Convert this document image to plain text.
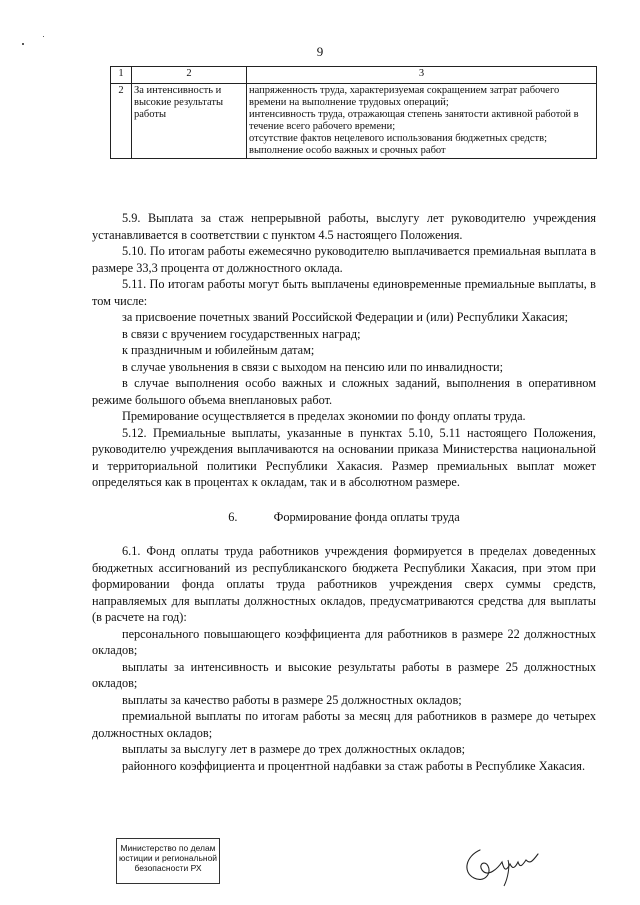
9
1	2	3
2	За интенсивность и высокие результаты работы	напряженность труда, характеризуемая сокращением затрат рабочего времени на выполнение трудовых операций;

интенсивность труда, отражающая степень занятости активной работой в течение всего рабочего времени;

отсутствие фактов нецелевого использования бюджетных средств;

выполнение особо важных и срочных работ

5.9. Выплата за стаж непрерывной работы, выслугу лет руководителю учреждения устанавливается в соответствии с пунктом 4.5 настоящего Положения.

5.10. По итогам работы ежемесячно руководителю выплачивается премиальная выплата в размере 33,3 процента от должностного оклада.

5.11. По итогам работы могут быть выплачены единовременные премиальные выплаты, в том числе:

за присвоение почетных званий Российской Федерации и (или) Республики Хакасия;

в связи с вручением государственных наград;

к праздничным и юбилейным датам;

в случае увольнения в связи с выходом на пенсию или по инвалидности;

в случае выполнения особо важных и сложных заданий, выполнения в оперативном режиме большого объема внеплановых работ.

Премирование осуществляется в пределах экономии по фонду оплаты труда.

5.12. Премиальные выплаты, указанные в пунктах 5.10, 5.11 настоящего Положения, руководителю учреждения выплачиваются на основании приказа Министерства национальной и территориальной политики Республики Хакасия. Размер премиальных выплат может определяться как в процентах к окладам, так и в абсолютном размере.

6.	Формирование фонда оплаты труда

6.1. Фонд оплаты труда работников учреждения формируется в пределах доведенных бюджетных ассигнований из республиканского бюджета Республики Хакасия, при этом при формировании фонда оплаты труда работников учреждения сверх суммы средств, направляемых для выплаты должностных окладов, предусматриваются средства для выплаты (в расчете на год):

персонального повышающего коэффициента для работников в размере 22 должностных окладов;

выплаты за интенсивность и высокие результаты работы в размере 25 должностных окладов;

выплаты за качество работы в размере 25 должностных окладов;

премиальной выплаты по итогам работы за месяц для работников в размере до четырех должностных окладов;

выплаты за выслугу лет в размере до трех должностных окладов;

районного коэффициента и процентной надбавки за стаж работы в Республике Хакасия.

Министерство по делам
юстиции и региональной
безопасности РХ
